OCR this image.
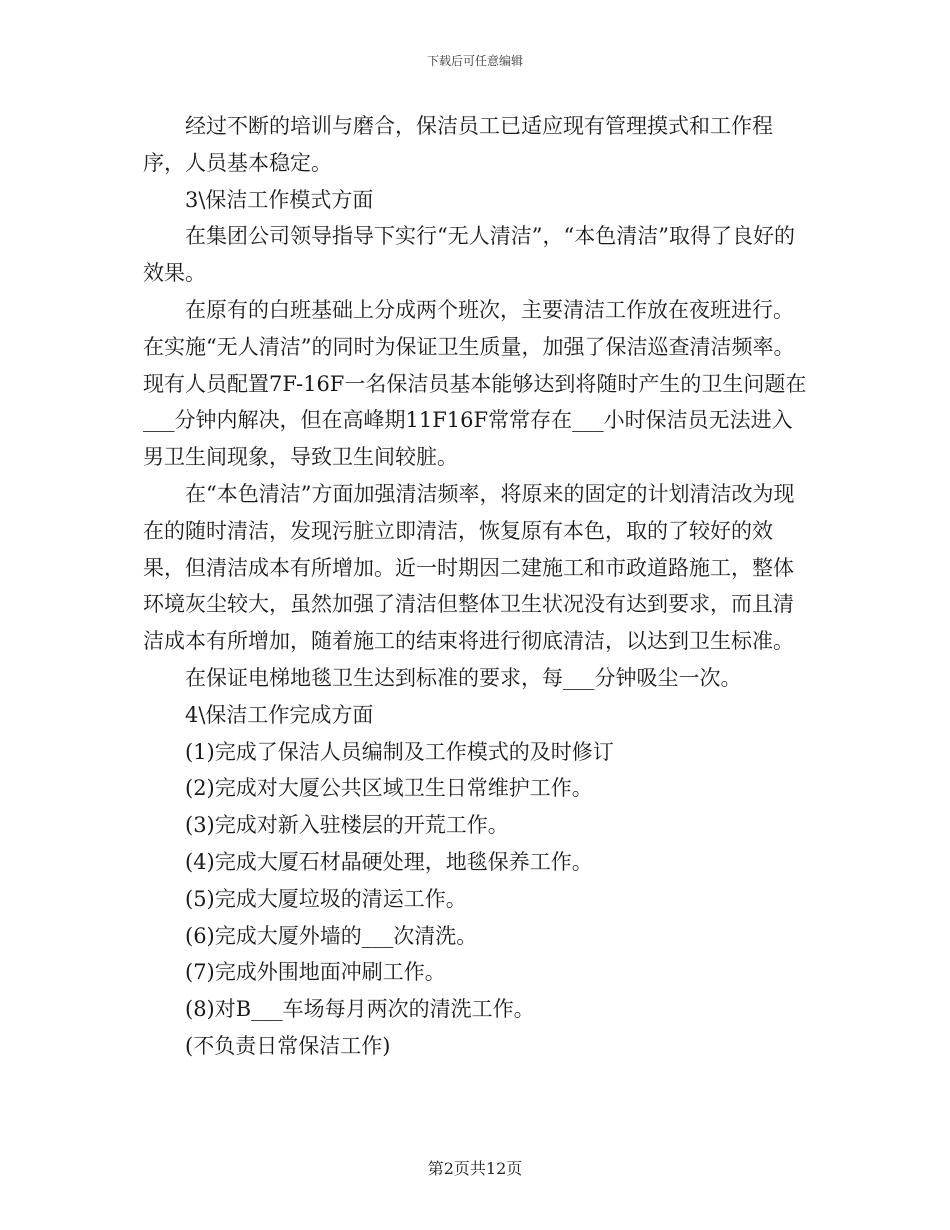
下载后可任意编辑

经过不断的培训与磨合，保洁员工已适应现有管理摸式和工作程序，人员基本稳定。

3\保洁工作模式方面

在集团公司领导指导下实行“无人清洁”，“本色清洁”取得了良好的效果。

在原有的白班基础上分成两个班次，主要清洁工作放在夜班进行。在实施“无人清洁”的同时为保证卫生质量，加强了保洁巡查清洁频率。现有人员配置7F-16F一名保洁员基本能够达到将随时产生的卫生问题在___分钟内解决，但在高峰期11F16F常常存在___小时保洁员无法进入男卫生间现象，导致卫生间较脏。

在“本色清洁”方面加强清洁频率，将原来的固定的计划清洁改为现在的随时清洁，发现污脏立即清洁，恢复原有本色，取的了较好的效果，但清洁成本有所增加。近一时期因二建施工和市政道路施工，整体环境灰尘较大，虽然加强了清洁但整体卫生状况没有达到要求，而且清洁成本有所增加，随着施工的结束将进行彻底清洁，以达到卫生标准。

在保证电梯地毯卫生达到标准的要求，每___分钟吸尘一次。

4\保洁工作完成方面

(1)完成了保洁人员编制及工作模式的及时修订

(2)完成对大厦公共区域卫生日常维护工作。

(3)完成对新入驻楼层的开荒工作。

(4)完成大厦石材晶硬处理，地毯保养工作。

(5)完成大厦垃圾的清运工作。

(6)完成大厦外墙的___次清洗。

(7)完成外围地面冲刷工作。

(8)对B___车场每月两次的清洗工作。

(不负责日常保洁工作)

第2页共12页
